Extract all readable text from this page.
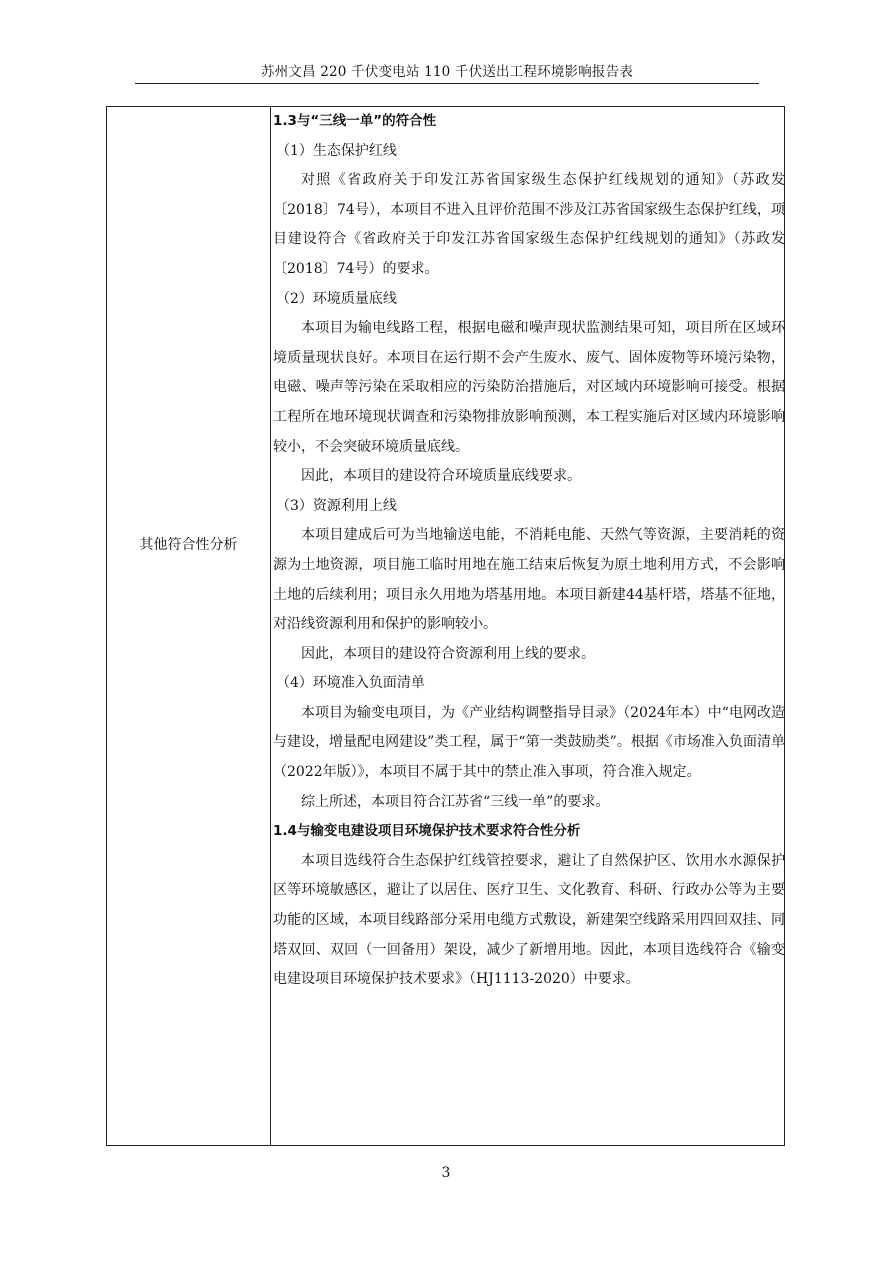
苏州文昌 220 千伏变电站 110 千伏送出工程环境影响报告表
其他符合性分析

1.3与“三线一单”的符合性

（1）生态保护红线

对照《省政府关于印发江苏省国家级生态保护红线规划的通知》（苏政发〔2018〕74号），本项目不进入且评价范围不涉及江苏省国家级生态保护红线，项目建设符合《省政府关于印发江苏省国家级生态保护红线规划的通知》（苏政发〔2018〕74号）的要求。

（2）环境质量底线

本项目为输电线路工程，根据电磁和噪声现状监测结果可知，项目所在区域环境质量现状良好。本项目在运行期不会产生废水、废气、固体废物等环境污染物，电磁、噪声等污染在采取相应的污染防治措施后，对区域内环境影响可接受。根据工程所在地环境现状调查和污染物排放影响预测，本工程实施后对区域内环境影响较小，不会突破环境质量底线。

因此，本项目的建设符合环境质量底线要求。

（3）资源利用上线

本项目建成后可为当地输送电能，不消耗电能、天然气等资源，主要消耗的资源为土地资源，项目施工临时用地在施工结束后恢复为原土地利用方式，不会影响土地的后续利用；项目永久用地为塔基用地。本项目新建44基杆塔，塔基不征地，对沿线资源利用和保护的影响较小。

因此，本项目的建设符合资源利用上线的要求。

（4）环境准入负面清单

本项目为输变电项目，为《产业结构调整指导目录》（2024年本）中“电网改造与建设，增量配电网建设”类工程，属于“第一类鼓励类”。根据《市场准入负面清单（2022年版）》，本项目不属于其中的禁止准入事项，符合准入规定。

综上所述，本项目符合江苏省“三线一单”的要求。

1.4与输变电建设项目环境保护技术要求符合性分析

本项目选线符合生态保护红线管控要求，避让了自然保护区、饮用水水源保护区等环境敏感区，避让了以居住、医疗卫生、文化教育、科研、行政办公等为主要功能的区域，本项目线路部分采用电缆方式敷设，新建架空线路采用四回双挂、同塔双回、双回（一回备用）架设，减少了新增用地。因此，本项目选线符合《输变电建设项目环境保护技术要求》（HJ1113-2020）中要求。

3
